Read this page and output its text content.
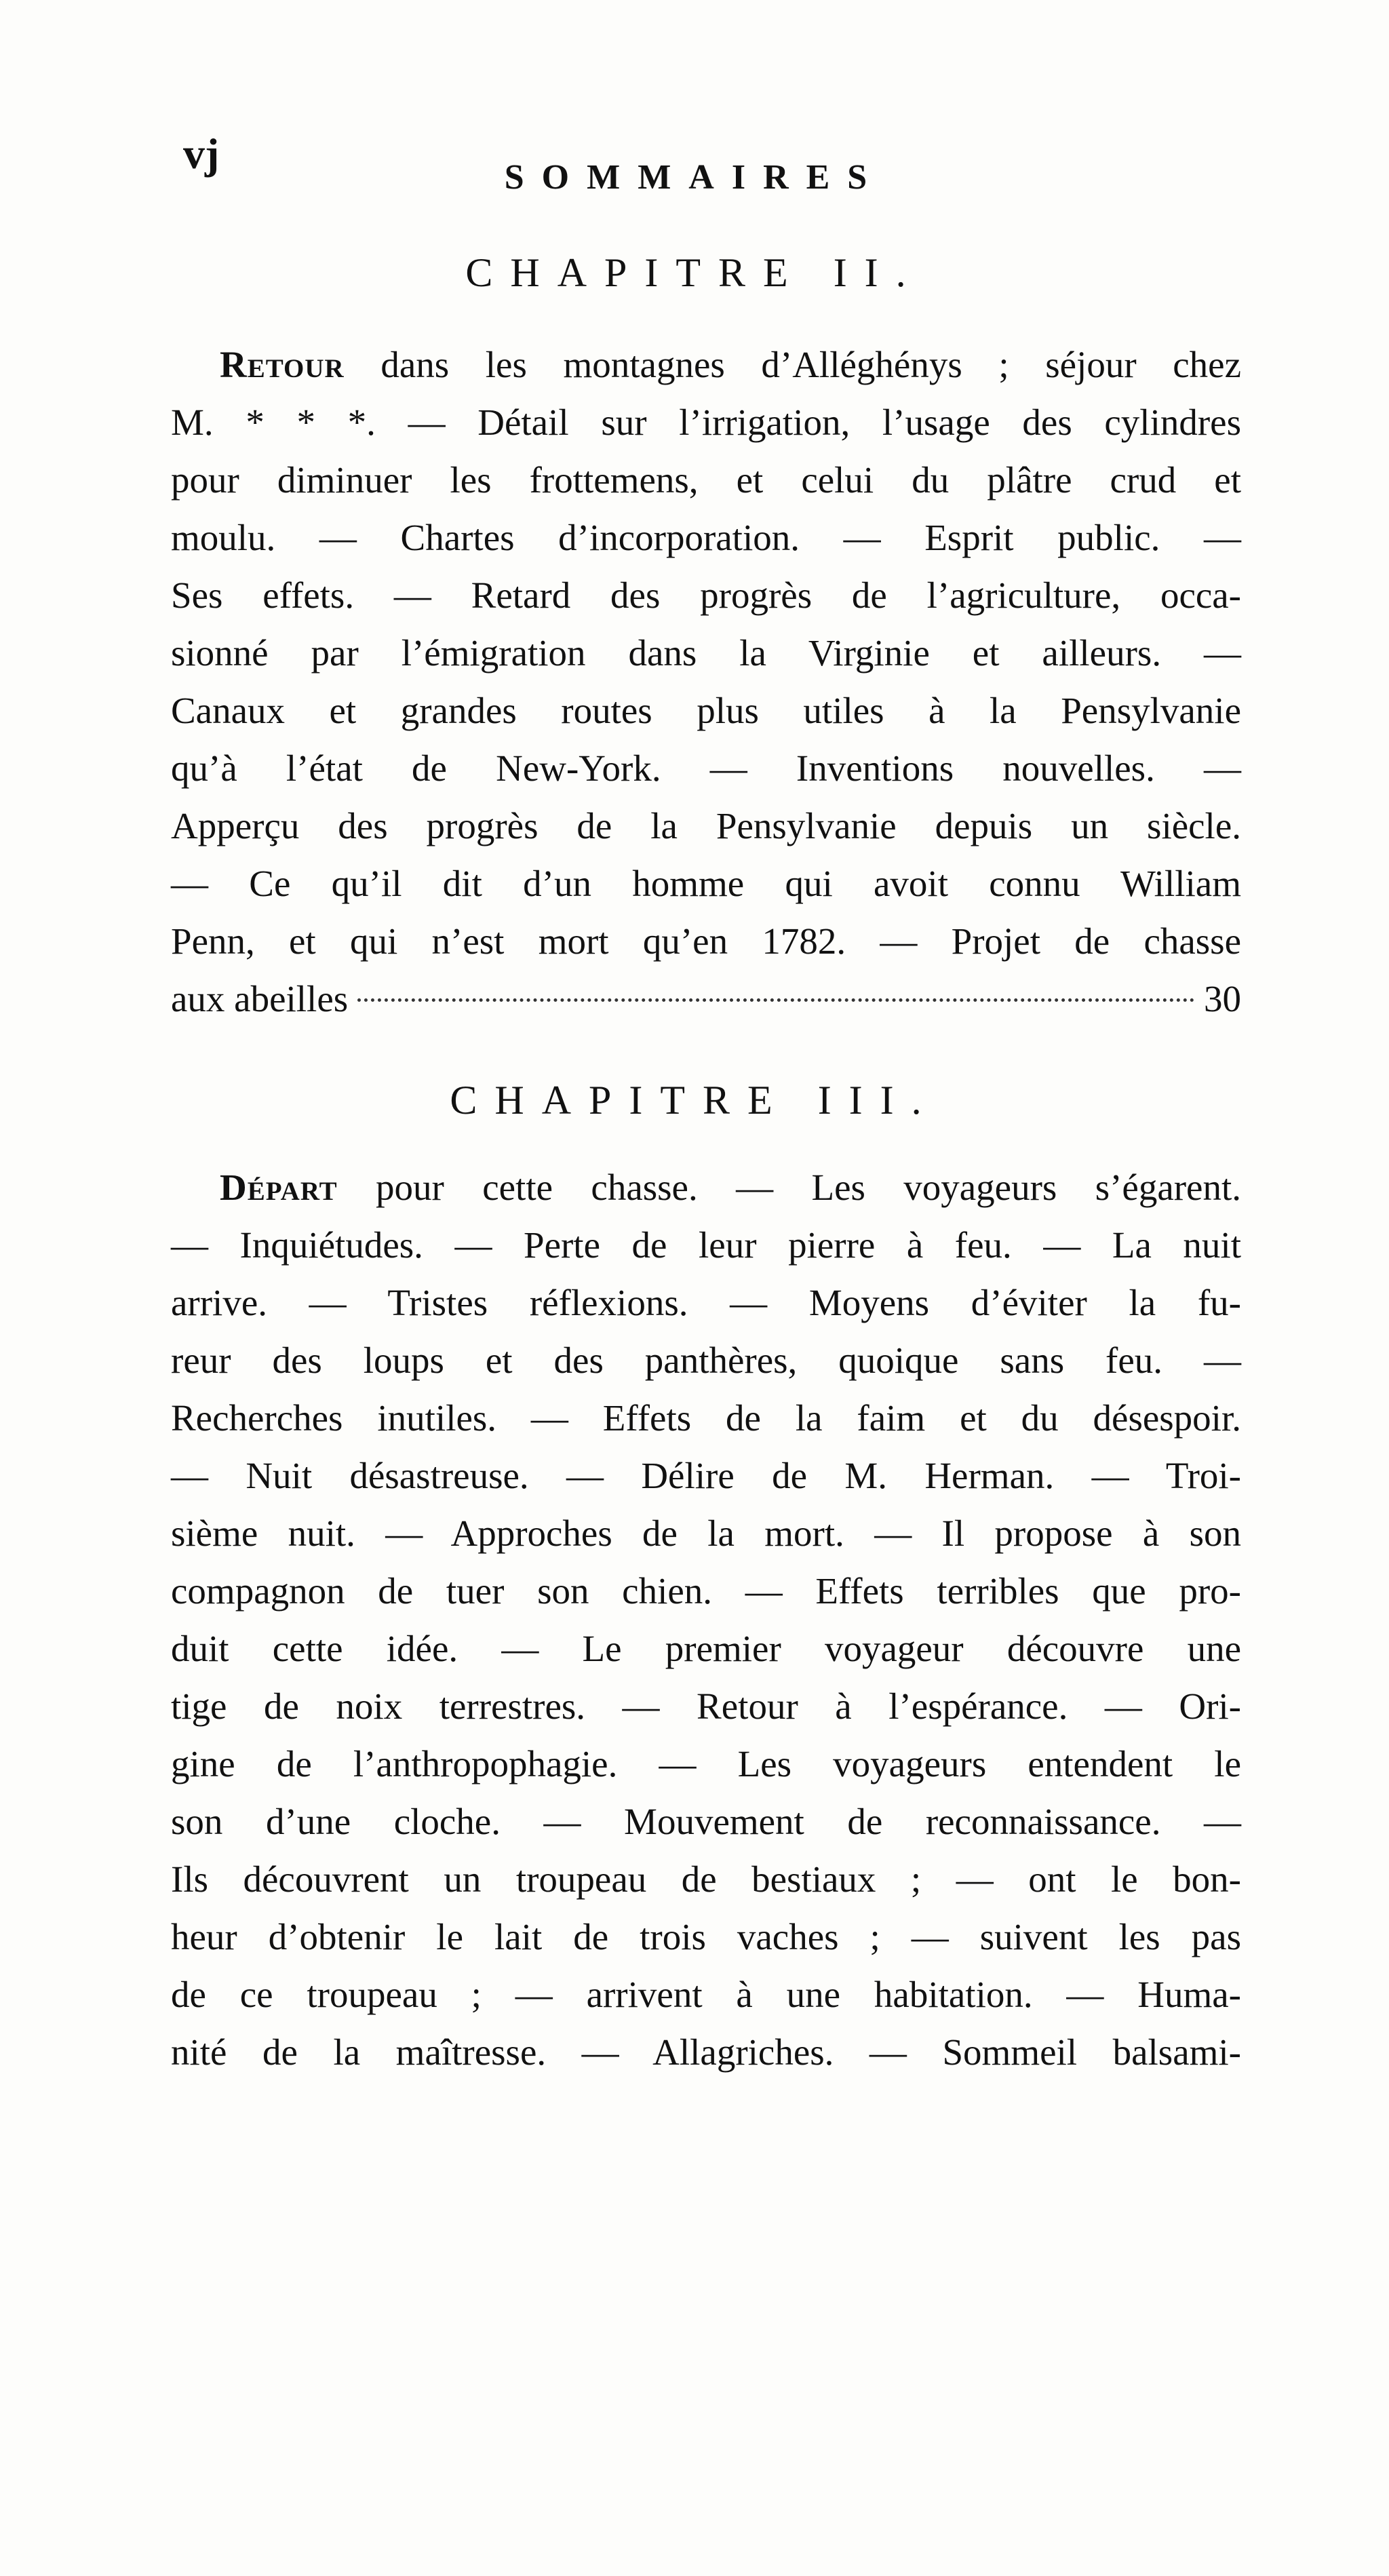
vj	SOMMAIRES
CHAPITRE II.
Retour dans les montagnes d’Alléghénys ; séjour chez
M. * * *. — Détail sur l’irrigation, l’usage des cylindres
pour diminuer les frottemens, et celui du plâtre crud et
moulu. — Chartes d’incorporation. — Esprit public. —
Ses effets. — Retard des progrès de l’agriculture, occa-
sionné par l’émigration dans la Virginie et ailleurs. —
Canaux et grandes routes plus utiles à la Pensylvanie
qu’à l’état de New-York. — Inventions nouvelles. —
Apperçu des progrès de la Pensylvanie depuis un siècle.
— Ce qu’il dit d’un homme qui avoit connu William
Penn, et qui n’est mort qu’en 1782. — Projet de chasse
aux abeilles	30
CHAPITRE III.
Départ pour cette chasse. — Les voyageurs s’égarent.
— Inquiétudes. — Perte de leur pierre à feu. — La nuit
arrive. — Tristes réflexions. — Moyens d’éviter la fu-
reur des loups et des panthères, quoique sans feu. —
Recherches inutiles. — Effets de la faim et du désespoir.
— Nuit désastreuse. — Délire de M. Herman. — Troi-
sième nuit. — Approches de la mort. — Il propose à son
compagnon de tuer son chien. — Effets terribles que pro-
duit cette idée. — Le premier voyageur découvre une
tige de noix terrestres. — Retour à l’espérance. — Ori-
gine de l’anthropophagie. — Les voyageurs entendent le
son d’une cloche. — Mouvement de reconnaissance. —
Ils découvrent un troupeau de bestiaux ; — ont le bon-
heur d’obtenir le lait de trois vaches ; — suivent les pas
de ce troupeau ; — arrivent à une habitation. — Huma-
nité de la maîtresse. — Allagriches. — Sommeil balsami-
